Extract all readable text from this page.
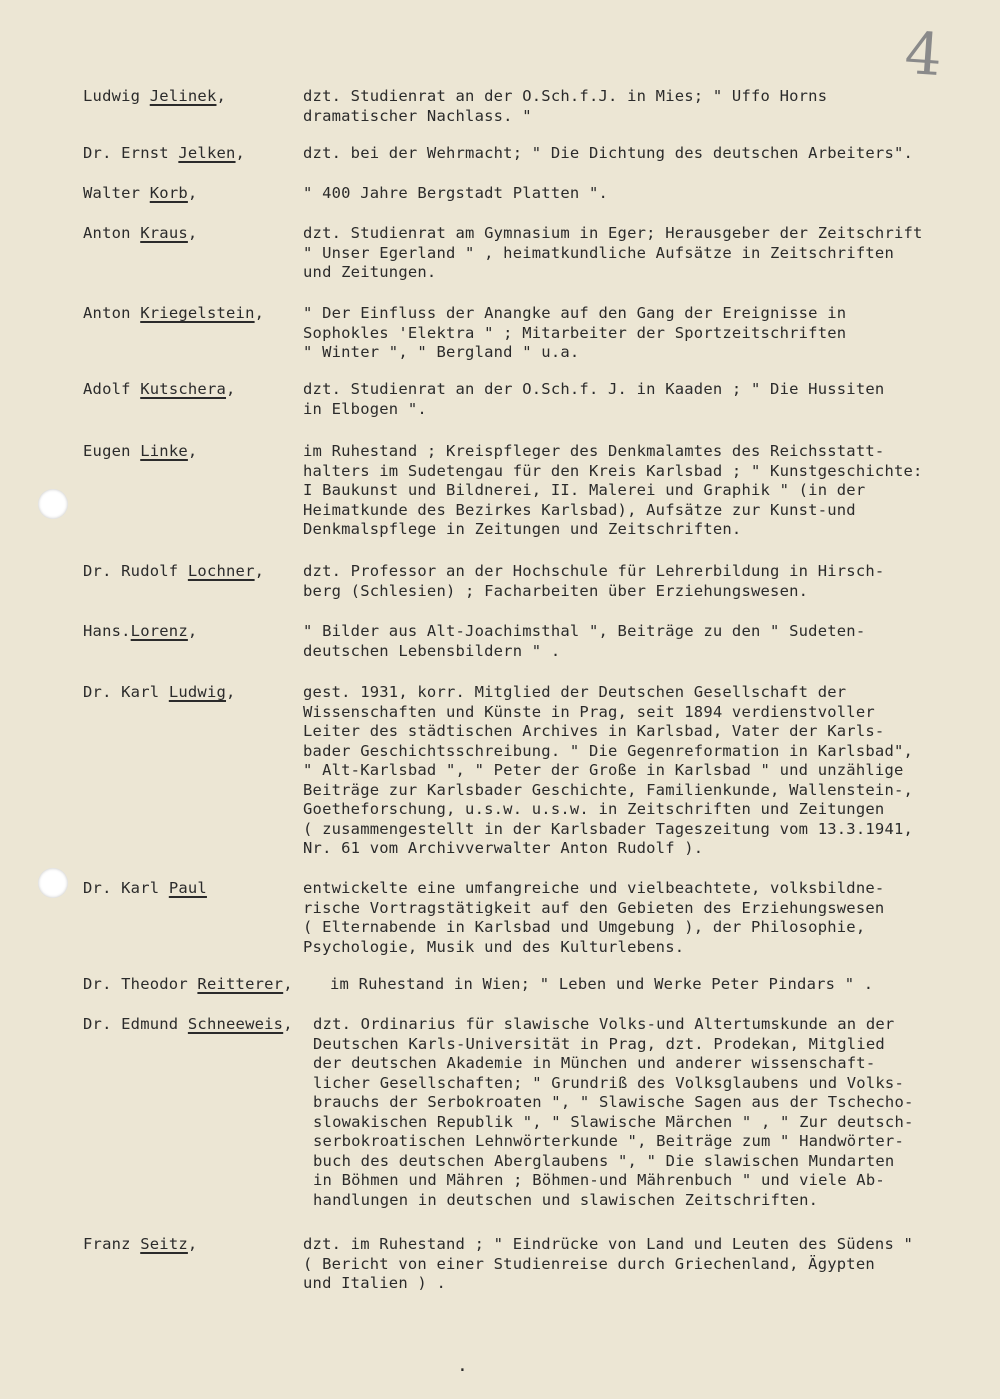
4
Ludwig Jelinek,	dzt. Studienrat an der O.Sch.f.J. in Mies; " Uffo Horns
dramatischer Nachlass. "
Dr. Ernst Jelken,	dzt. bei der Wehrmacht; " Die Dichtung des deutschen Arbeiters".
Walter Korb,	" 400 Jahre Bergstadt Platten ".
Anton Kraus,	dzt. Studienrat am Gymnasium in Eger; Herausgeber der Zeitschrift
" Unser Egerland " , heimatkundliche Aufsätze in Zeitschriften
und Zeitungen.
Anton Kriegelstein,	" Der Einfluss der Anangke auf den Gang der Ereignisse in
Sophokles 'Elektra " ; Mitarbeiter der Sportzeitschriften
" Winter ", " Bergland " u.a.
Adolf Kutschera,	dzt. Studienrat an der O.Sch.f. J. in Kaaden ; " Die Hussiten
in Elbogen ".
Eugen Linke,	im Ruhestand ; Kreispfleger des Denkmalamtes des Reichsstatt-
halters im Sudetengau für den Kreis Karlsbad ; " Kunstgeschichte:
I Baukunst und Bildnerei, II. Malerei und Graphik " (in der
Heimatkunde des Bezirkes Karlsbad), Aufsätze zur Kunst-und
Denkmalspflege in Zeitungen und Zeitschriften.
Dr. Rudolf Lochner,	dzt. Professor an der Hochschule für Lehrerbildung in Hirsch-
berg (Schlesien) ; Facharbeiten über Erziehungswesen.
Hans.Lorenz,	" Bilder aus Alt-Joachimsthal ", Beiträge zu den " Sudeten-
deutschen Lebensbildern " .
Dr. Karl Ludwig,	gest. 1931, korr. Mitglied der Deutschen Gesellschaft der
Wissenschaften und Künste in Prag, seit 1894 verdienstvoller
Leiter des städtischen Archives in Karlsbad, Vater der Karls-
bader Geschichtsschreibung. " Die Gegenreformation in Karlsbad",
" Alt-Karlsbad ", " Peter der Große in Karlsbad " und unzählige
Beiträge zur Karlsbader Geschichte, Familienkunde, Wallenstein-,
Goetheforschung, u.s.w. u.s.w. in Zeitschriften und Zeitungen
( zusammengestellt in der Karlsbader Tageszeitung vom 13.3.1941,
Nr. 61 vom Archivverwalter Anton Rudolf ).
Dr. Karl Paul	entwickelte eine umfangreiche und vielbeachtete, volksbildne-
rische Vortragstätigkeit auf den Gebieten des Erziehungswesen
( Elternabende in Karlsbad und Umgebung ), der Philosophie,
Psychologie, Musik und des Kulturlebens.
Dr. Theodor Reitterer, im Ruhestand in Wien; " Leben und Werke Peter Pindars " .
Dr. Edmund Schneeweis, dzt. Ordinarius für slawische Volks-und Altertumskunde an der
Deutschen Karls-Universität in Prag, dzt. Prodekan, Mitglied
der deutschen Akademie in München und anderer wissenschaft-
licher Gesellschaften; " Grundriß des Volksglaubens und Volks-
brauchs der Serbokroaten ", " Slawische Sagen aus der Tschecho-
slowakischen Republik ", " Slawische Märchen " , " Zur deutsch-
serbokroatischen Lehnwörterkunde ", Beiträge zum " Handwörter-
buch des deutschen Aberglaubens ", " Die slawischen Mundarten
in Böhmen und Mähren ; Böhmen-und Mährenbuch " und viele Ab-
handlungen in deutschen und slawischen Zeitschriften.
Franz Seitz,	dzt. im Ruhestand ; " Eindrücke von Land und Leuten des Südens "
( Bericht von einer Studienreise durch Griechenland, Ägypten
und Italien ) .
.
